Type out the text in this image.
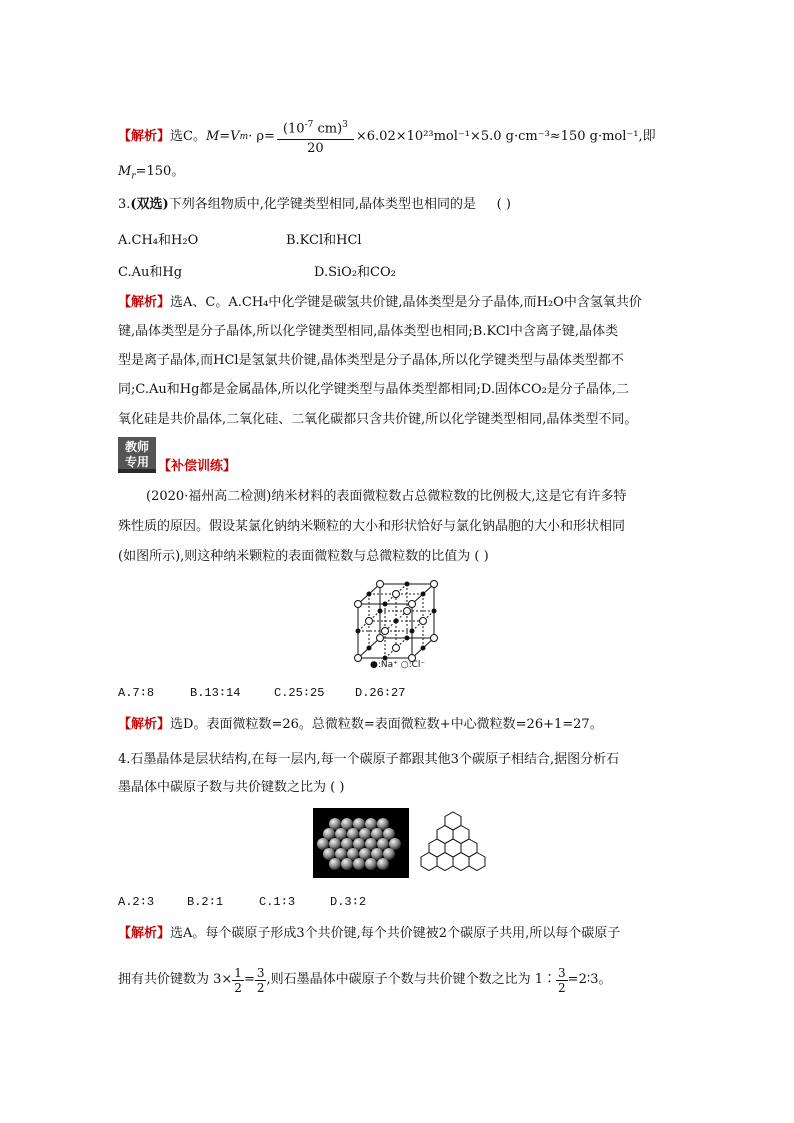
【解析】 选C。 M=V $m \cdot \rho= \frac{(10^{-7} cm)^3}{20} \times 6.02\times 10^{23}mol^{-1}\times 5.0$ g·cm⁻³≈150 g·mol⁻¹,即
$M_r=150$。
3.(双选)下列各组物质中,化学键类型相同,晶体类型也相同的是 ( )
A.CH₄和H₂O	B.KCl和HCl
C.Au和Hg	D.SiO₂和CO₂
【解析】选A、C。A.CH₄中化学键是碳氢共价键,晶体类型是分子晶体,而H₂O中含氢氧共价
键,晶体类型是分子晶体,所以化学键类型相同,晶体类型也相同;B.KCl中含离子键,晶体类
型是离子晶体,而HCl是氢氯共价键,晶体类型是分子晶体,所以化学键类型与晶体类型都不
同;C.Au和Hg都是金属晶体,所以化学键类型与晶体类型都相同;D.固体CO₂是分子晶体,二
氧化硅是共价晶体,二氧化硅、二氧化碳都只含共价键,所以化学键类型相同,晶体类型不同。
教师
专用 【补偿训练】
(2020·福州高二检测)纳米材料的表面微粒数占总微粒数的比例极大,这是它有许多特
殊性质的原因。假设某氯化钠纳米颗粒的大小和形状恰好与氯化钠晶胞的大小和形状相同
(如图所示),则这种纳米颗粒的表面微粒数与总微粒数的比值为 ( )
●:Na⁺ ○:Cl⁻
A.7∶8	B.13∶14	C.25∶25	D.26∶27
【解析】选D。表面微粒数=26。总微粒数=表面微粒数+中心微粒数=26+1=27。
4.石墨晶体是层状结构,在每一层内,每一个碳原子都跟其他3个碳原子相结合,据图分析石
墨晶体中碳原子数与共价键数之比为 ( )
A.2∶3	B.2∶1	C.1∶3	D.3∶2
【解析】选A。每个碳原子形成3个共价键,每个共价键被2个碳原子共用,所以每个碳原子
拥有共价键数为 $3\times \frac{1}{2} = \frac{3}{2}$ ,则石墨晶体中碳原子个数与共价键个数之比为 1∶ $\frac{3}{2}$ =2∶3。
